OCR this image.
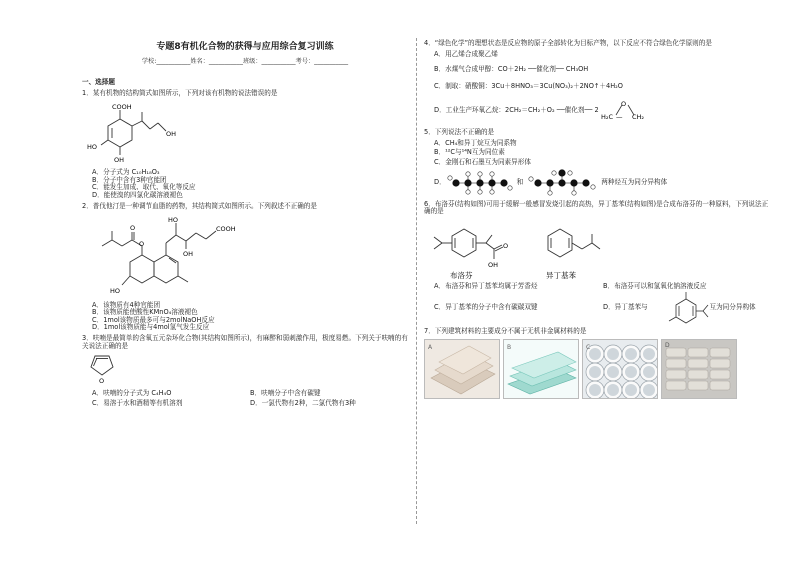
专题8有机化合物的获得与应用综合复习训练
学校:___________姓名：___________班级：___________考号：___________
一、选择题
1．某有机物的结构简式如图所示，下列对该有机物的说法错误的是
COOH
HO
OH
OH
A．分子式为 C₁₀H₁₈O₃
B．分子中含有3种官能团
C．能发生加成、取代、氧化等反应
D．能使溴的四氯化碳溶液褪色
2．普伐他汀是一种调节血脂的药物，其结构简式如图所示。下列叙述不正确的是
HO
COOH
OH
O
O
HO
A．该物质有4种官能团
B．该物质能使酸性KMnO₄溶液褪色
C．1mol该物质最多可与2molNaOH反应
D．1mol该物质能与4mol氢气发生反应
3．呋喃是最简单的含氧五元杂环化合物(其结构如图所示)，有麻醉和弱刺激作用，极度易燃。下列关于呋喃的有关说法正确的是
O
A．呋喃的分子式为 C₄H₄O	B．呋喃分子中含有碳键
C．易溶于水和酒精等有机溶剂	D．一氯代物有2种，二氯代物有3种
4．“绿色化学”的理想状态是反应物的原子全部转化为目标产物，以下反应不符合绿色化学原则的是
A．用乙烯合成聚乙烯
B．水煤气合成甲醇：CO＋2H₂ ──催化剂── CH₃OH
C．制取：硝酸铜：3Cu＋8HNO₃＝3Cu(NO₃)₂＋2NO↑＋4H₂O
D．工业生产环氧乙烷：2CH₂＝CH₂＋O₂ ──催化剂── 2
O
H₂C — CH₂
5．下列说法不正确的是
A．CH₄和异丁烷互为同系物
B．¹²C与¹⁴N互为同位素
C．金刚石和石墨互为同素异形体
D．	和	两种烃互为同分异构体
6．布洛芬(结构如图)可用于缓解一般感冒发烧引起的高热，异丁基苯(结构如图)是合成布洛芬的一种原料，下列说法正确的是
O
OH
布洛芬	异丁基苯
A．布洛芬和异丁基苯均属于芳香烃	B．布洛芬可以和氢氧化钠溶液反应
C．异丁基苯的分子中含有碳碳双键	D．异丁基苯与	互为同分异构体
7．下列建筑材料的主要成分不属于无机非金属材料的是
A	B	C	D
